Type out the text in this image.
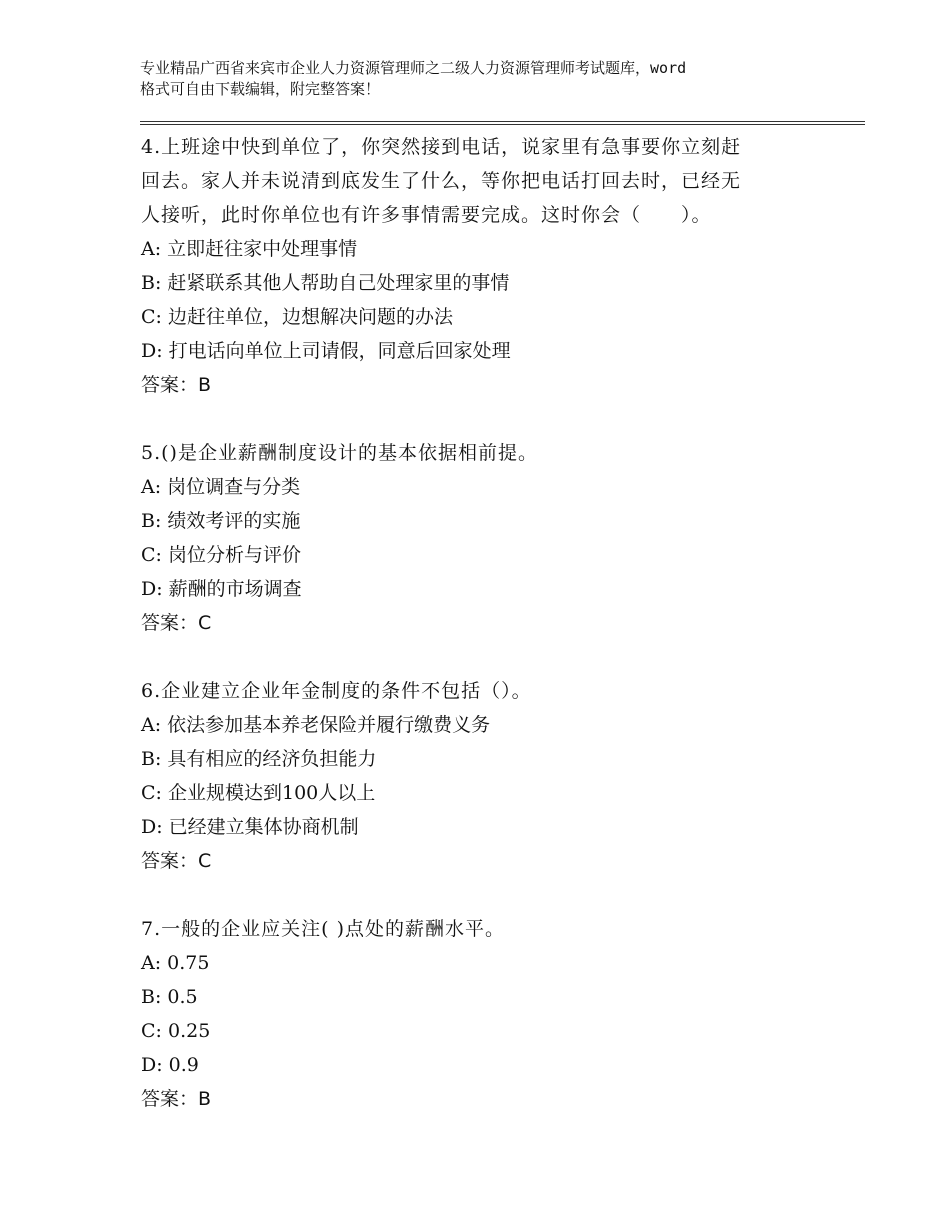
专业精品广西省来宾市企业人力资源管理师之二级人力资源管理师考试题库，word
格式可自由下载编辑，附完整答案！
4.上班途中快到单位了，你突然接到电话，说家里有急事要你立刻赶
回去。家人并未说清到底发生了什么，等你把电话打回去时，已经无
人接听，此时你单位也有许多事情需要完成。这时你会（　　）。
A: 立即赶往家中处理事情
B: 赶紧联系其他人帮助自己处理家里的事情
C: 边赶往单位，边想解决问题的办法
D: 打电话向单位上司请假，同意后回家处理
答案：B
5.()是企业薪酬制度设计的基本依据相前提。
A: 岗位调查与分类
B: 绩效考评的实施
C: 岗位分析与评价
D: 薪酬的市场调查
答案：C
6.企业建立企业年金制度的条件不包括（）。
A: 依法参加基本养老保险并履行缴费义务
B: 具有相应的经济负担能力
C: 企业规模达到100人以上
D: 已经建立集体协商机制
答案：C
7.一般的企业应关注( )点处的薪酬水平。
A: 0.75
B: 0.5
C: 0.25
D: 0.9
答案：B
